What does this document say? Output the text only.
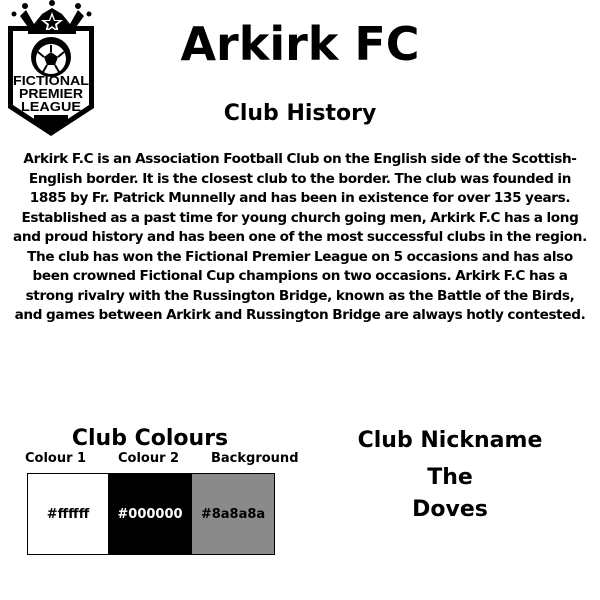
FICTIONAL
PREMIER
LEAGUE
Arkirk FC
Club History
Arkirk F.C is an Association Football Club on the English side of the Scottish-English border. It is the closest club to the border. The club was founded in 1885 by Fr. Patrick Munnelly and has been in existence for over 135 years. Established as a past time for young church going men, Arkirk F.C has a long and proud history and has been one of the most successful clubs in the region. The club has won the Fictional Premier League on 5 occasions and has also been crowned Fictional Cup champions on two occasions. Arkirk F.C has a strong rivalry with the Russington Bridge, known as the Battle of the Birds, and games between Arkirk and Russington Bridge are always hotly contested.
Club Colours
Colour 1 Colour 2 Background
#ffffff #000000 #8a8a8a
Club Nickname
The
Doves
